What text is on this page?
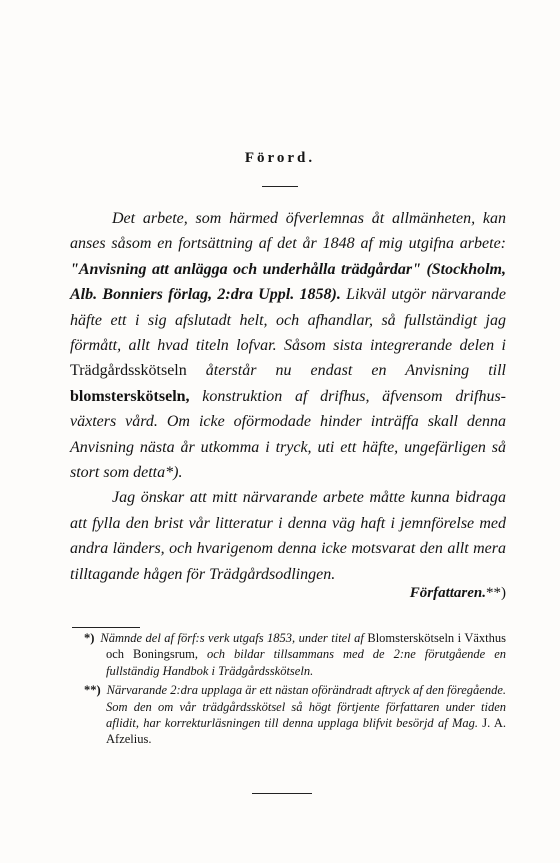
Förord.

Det arbete, som härmed öfverlemnas åt allmänheten, kan anses såsom en fortsättning af det år 1848 af mig utgifna arbete: "Anvisning att anlägga och underhålla trädgårdar" (Stockholm, Alb. Bonniers förlag, 2:dra Uppl. 1858). Likväl utgör närvarande häfte ett i sig afslutadt helt, och afhandlar, så fullständigt jag förmått, allt hvad titeln lofvar. Såsom sista integrerande delen i Trädgårdsskötseln återstår nu endast en Anvisning till blomsterskötseln, konstruktion af drifhus, äfvensom drifhus-växters vård. Om icke oförmodade hinder inträffa skall denna Anvisning nästa år utkomma i tryck, uti ett häfte, ungefärligen så stort som detta*).

Jag önskar att mitt närvarande arbete måtte kunna bidraga att fylla den brist vår litteratur i denna väg haft i jemnförelse med andra länders, och hvarigenom denna icke motsvarat den allt mera tilltagande hågen för Trädgårdsodlingen.

Författaren.**)

*) Nämnde del af förf:s verk utgafs 1853, under titel af Blomsterskötseln i Växthus och Boningsrum, och bildar tillsammans med de 2:ne förutgående en fullständig Handbok i Trädgårdsskötseln.

**) Närvarande 2:dra upplaga är ett nästan oförändradt aftryck af den föregående. Som den om vår trädgårdsskötsel så högt förtjente författaren under tiden aflidit, har korrekturläsningen till denna upplaga blifvit besörjd af Mag. J. A. Afzelius.
